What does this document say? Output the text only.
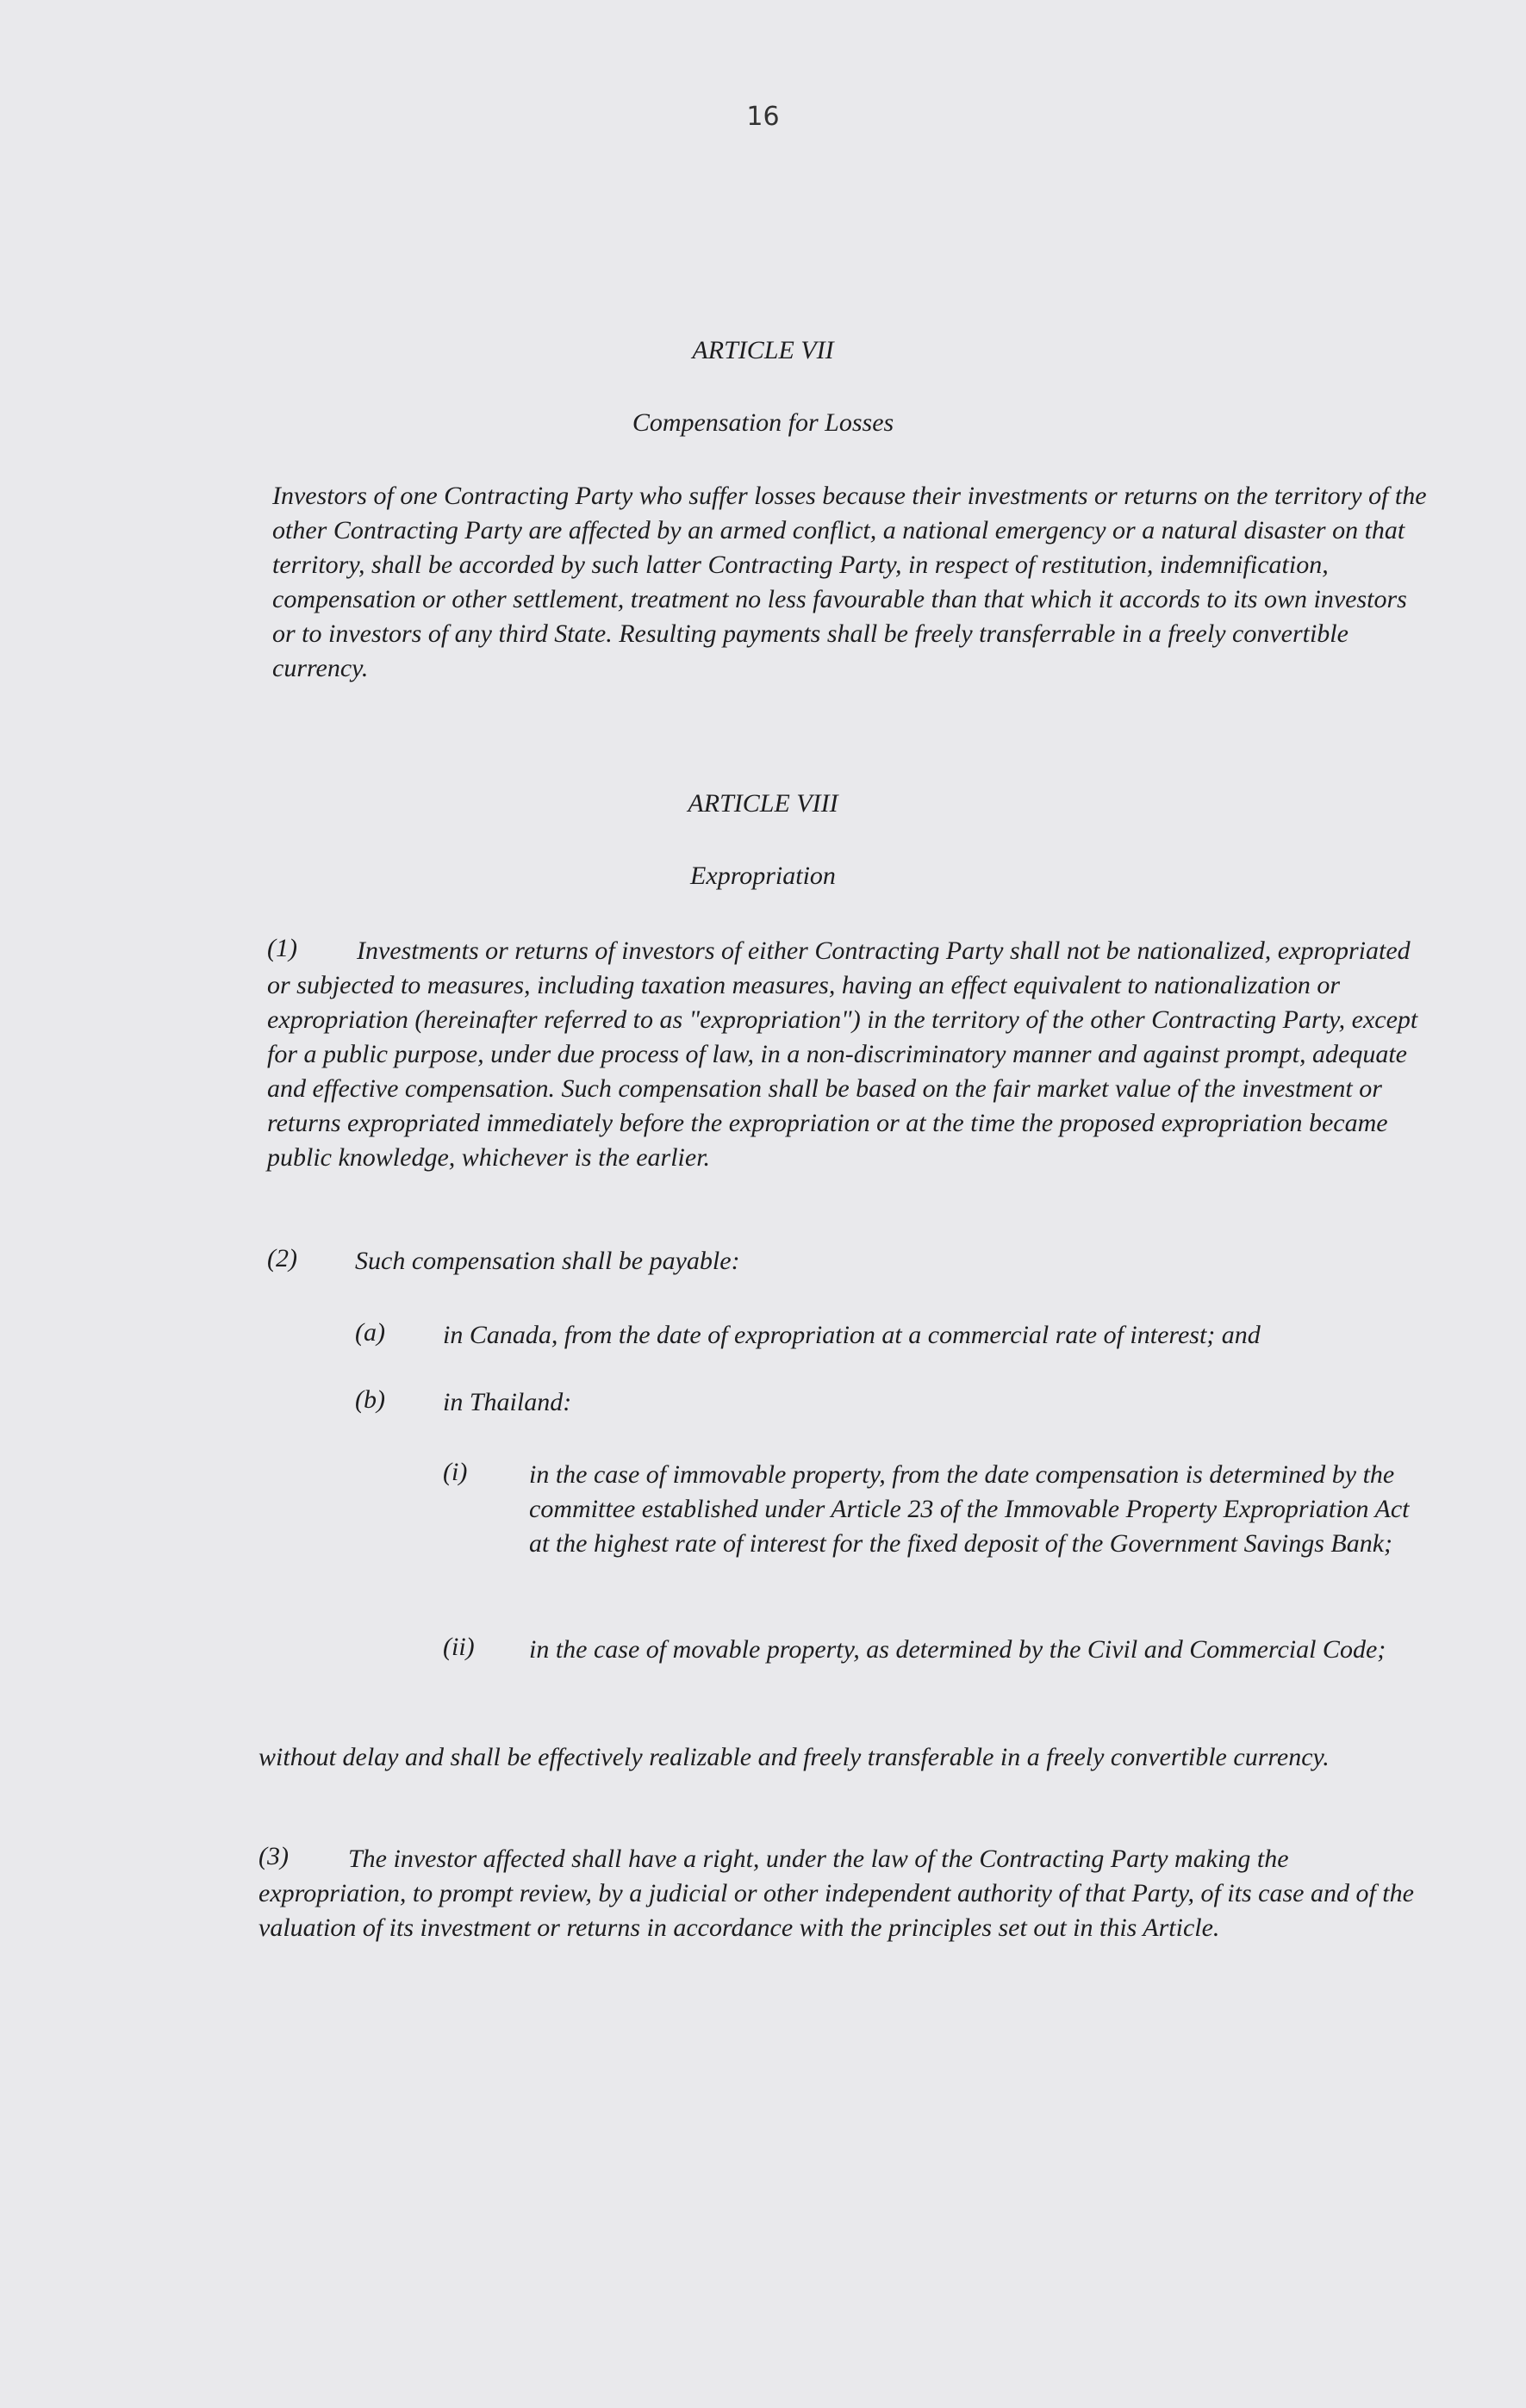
16
ARTICLE VII
Compensation for Losses

Investors of one Contracting Party who suffer losses because their investments or returns on the territory of the other Contracting Party are affected by an armed conflict, a national emergency or a natural disaster on that territory, shall be accorded by such latter Contracting Party, in respect of restitution, indemnification, compensation or other settlement, treatment no less favourable than that which it accords to its own investors or to investors of any third State. Resulting payments shall be freely transferrable in a freely convertible currency.

ARTICLE VIII
Expropriation
(1)	Investments or returns of investors of either Contracting Party shall not be nationalized, expropriated or subjected to measures, including taxation measures, having an effect equivalent to nationalization or expropriation (hereinafter referred to as "expropriation") in the territory of the other Contracting Party, except for a public purpose, under due process of law, in a non-discriminatory manner and against prompt, adequate and effective compensation. Such compensation shall be based on the fair market value of the investment or returns expropriated immediately before the expropriation or at the time the proposed expropriation became public knowledge, whichever is the earlier.

(2) Such compensation shall be payable:

(a) in Canada, from the date of expropriation at a commercial rate of interest; and

(b) in Thailand:

(i) in the case of immovable property, from the date compensation is determined by the committee established under Article 23 of the Immovable Property Expropriation Act at the highest rate of interest for the fixed deposit of the Government Savings Bank;

(ii) in the case of movable property, as determined by the Civil and Commercial Code;

without delay and shall be effectively realizable and freely transferable in a freely convertible currency.

(3)	The investor affected shall have a right, under the law of the Contracting Party making the expropriation, to prompt review, by a judicial or other independent authority of that Party, of its case and of the valuation of its investment or returns in accordance with the principles set out in this Article.
